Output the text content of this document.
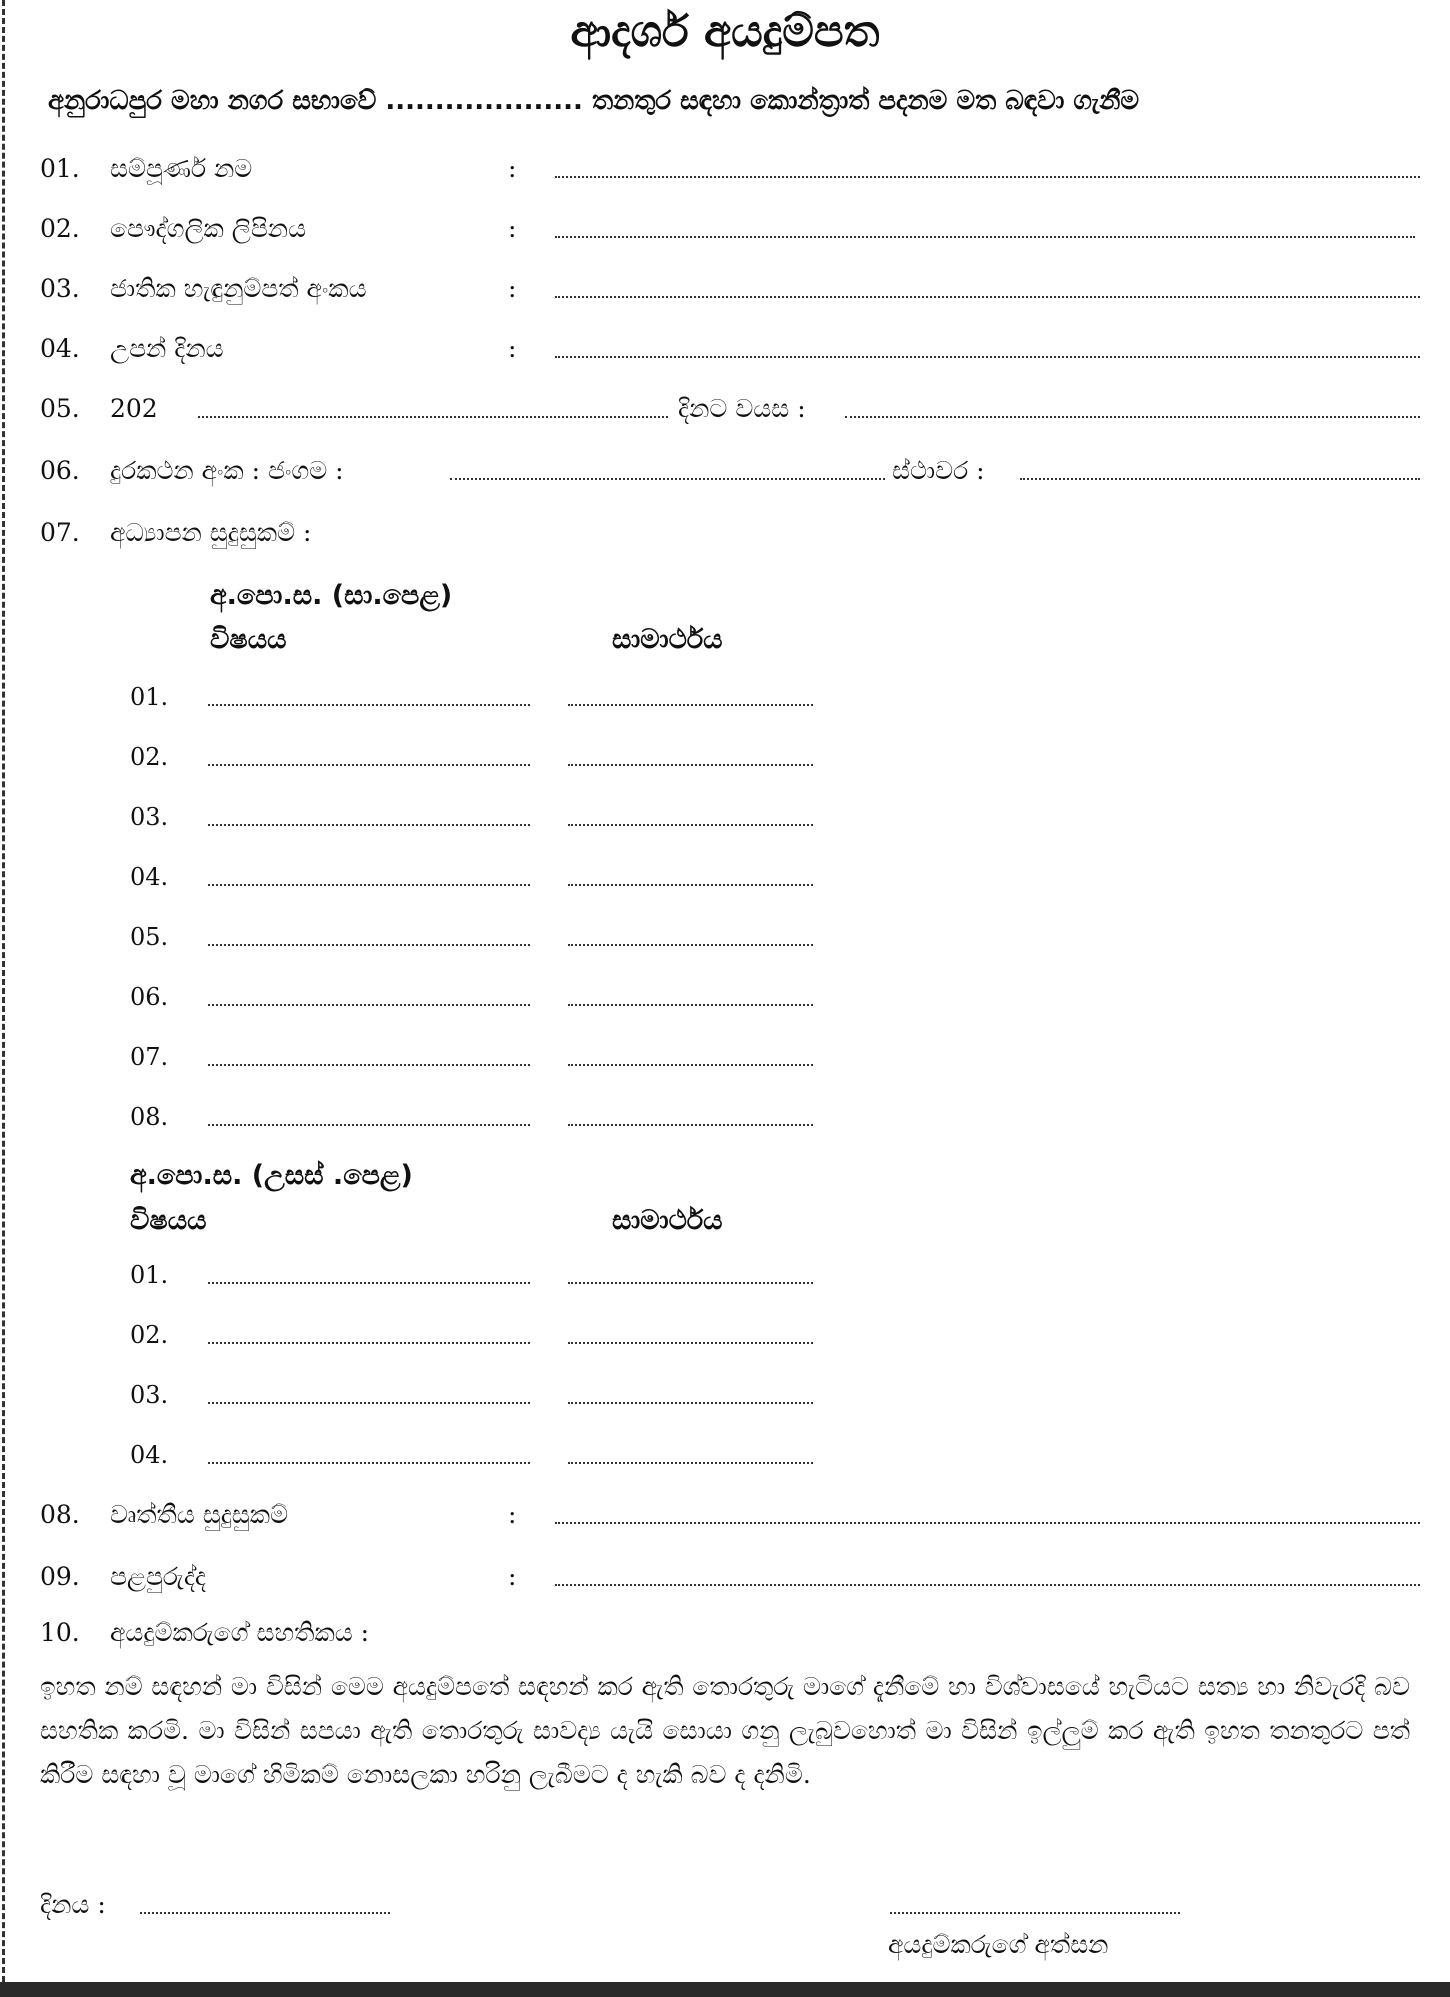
ආදර්ශ අයදුම්පත
අනුරාධපුර මහා නගර සභාවේ .................... තනතුර සඳහා කොන්ත්‍රාත් පදනම මත බඳවා ගැනීම
01.	සම්පූර්ණ නම	:
02.	පෞද්ගලික ලිපිනය	:
03.	ජාතික හැඳුනුම්පත් අංකය	:
04.	උපන් දිනය	:
05.	202	දිනට වයස :
06.	දුරකථන අංක : ජංගම :	ස්ථාවර :
07.	අධ්‍යාපන සුදුසුකම් :
අ.පො.ස. (සා.පෙළ)
විෂයය	සාමාර්ථය
01.
02.
03.
04.
05.
06.
07.
08.
අ.පො.ස. (උසස් .පෙළ)
විෂයය	සාමාර්ථය
01.
02.
03.
04.
08.	වෘත්තීය සුදුසුකම්	:
09.	පළපුරුද්ද	:
10.	අයදුම්කරුගේ සහතිකය :
ඉහත නම් සඳහන් මා විසින් මෙම අයදුම්පතේ සඳහන් කර ඇති තොරතුරු මාගේ දැනීමේ හා විශ්වාසයේ හැටියට සත්‍ය හා නිවැරදි බව සහතික කරමි. මා විසින් සපයා ඇති තොරතුරු සාවද්‍ය යැයි සොයා ගනු ලැබුවහොත් මා විසින් ඉල්ලුම් කර ඇති ඉහත තනතුරට පත් කිරීම සඳහා වූ මාගේ හිමිකම් නොසලකා හරිනු ලැබීමට ද හැකි බව ද දනිමි.
දිනය :
අයදුම්කරුගේ අත්සන
